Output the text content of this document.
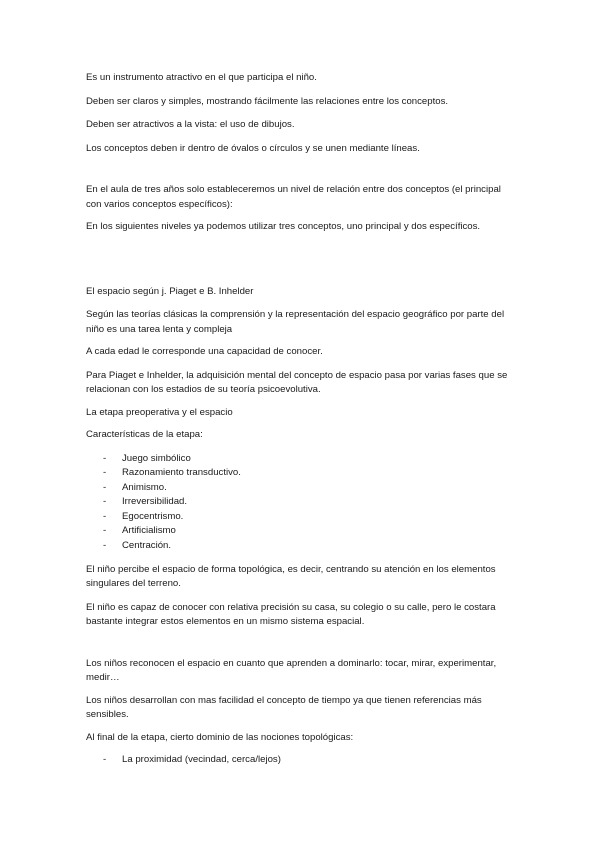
Es un instrumento atractivo en el que participa el niño.

Deben ser claros y simples, mostrando fácilmente las relaciones entre los conceptos.

Deben ser atractivos a la vista: el uso de dibujos.

Los conceptos deben ir dentro de óvalos o círculos y se unen mediante líneas.

En el aula de tres años solo estableceremos un nivel de relación entre dos conceptos (el principal con varios conceptos específicos):

En los siguientes niveles ya podemos utilizar tres conceptos, uno principal y dos específicos.

El espacio según j. Piaget e B. Inhelder

Según las teorías clásicas la comprensión y la representación del espacio geográfico por parte del niño es una tarea lenta y compleja

A cada edad le corresponde una capacidad de conocer.

Para Piaget e Inhelder, la adquisición mental del concepto de espacio pasa por varias fases que se relacionan con los estadios de su teoría psicoevolutiva.

La etapa preoperativa y el espacio

Características de la etapa:

- Juego simbólico
- Razonamiento transductivo.
- Animismo.
- Irreversibilidad.
- Egocentrismo.
- Artificialismo
- Centración.

El niño percibe el espacio de forma topológica, es decir, centrando su atención en los elementos singulares del terreno.

El niño es capaz de conocer con relativa precisión su casa, su colegio o su calle, pero le costara bastante integrar estos elementos en un mismo sistema espacial.

Los niños reconocen el espacio en cuanto que aprenden a dominarlo: tocar, mirar, experimentar, medir…

Los niños desarrollan con mas facilidad el concepto de tiempo ya que tienen referencias más sensibles.

Al final de la etapa, cierto dominio de las nociones topológicas:

- La proximidad (vecindad, cerca/lejos)
